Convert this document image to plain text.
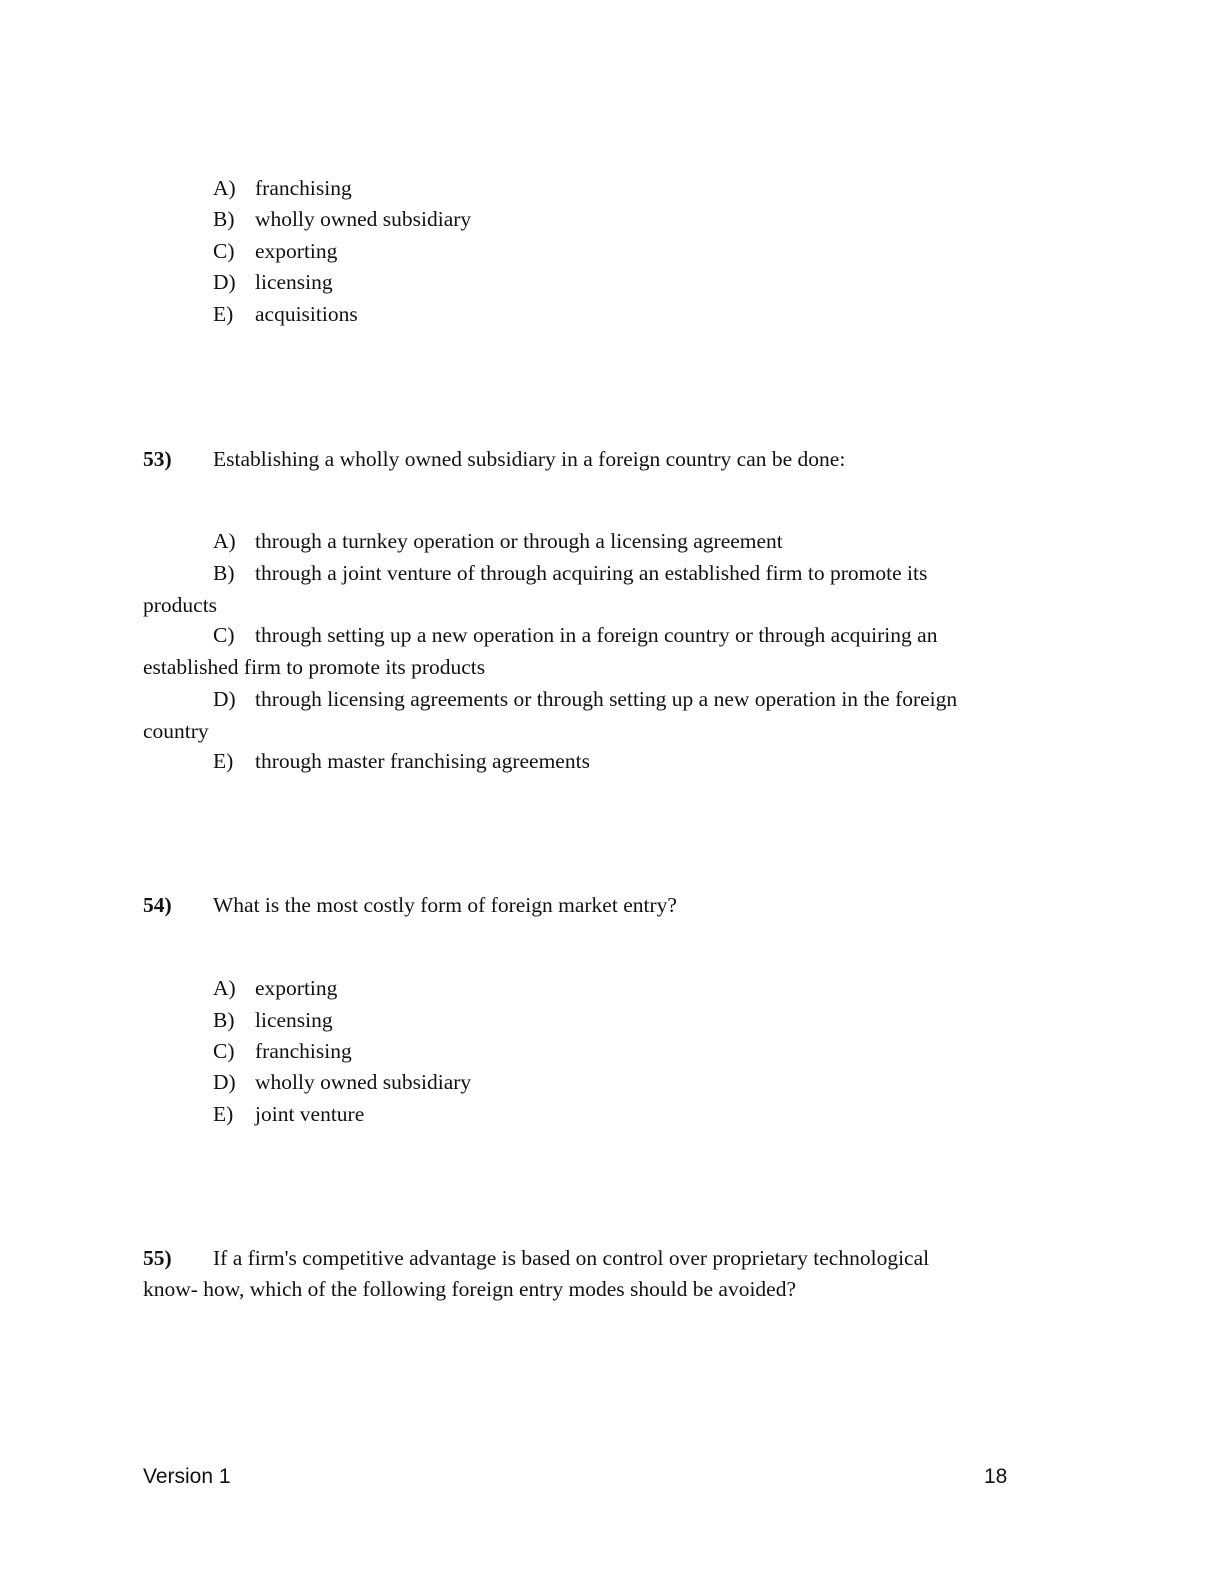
A) franchising
B) wholly owned subsidiary
C) exporting
D) licensing
E) acquisitions
53) Establishing a wholly owned subsidiary in a foreign country can be done:
A) through a turnkey operation or through a licensing agreement
B) through a joint venture of through acquiring an established firm to promote its
products
C) through setting up a new operation in a foreign country or through acquiring an
established firm to promote its products
D) through licensing agreements or through setting up a new operation in the foreign
country
E) through master franchising agreements
54) What is the most costly form of foreign market entry?
A) exporting
B) licensing
C) franchising
D) wholly owned subsidiary
E) joint venture
55) If a firm's competitive advantage is based on control over proprietary technological
know- how, which of the following foreign entry modes should be avoided?
Version 1	18
